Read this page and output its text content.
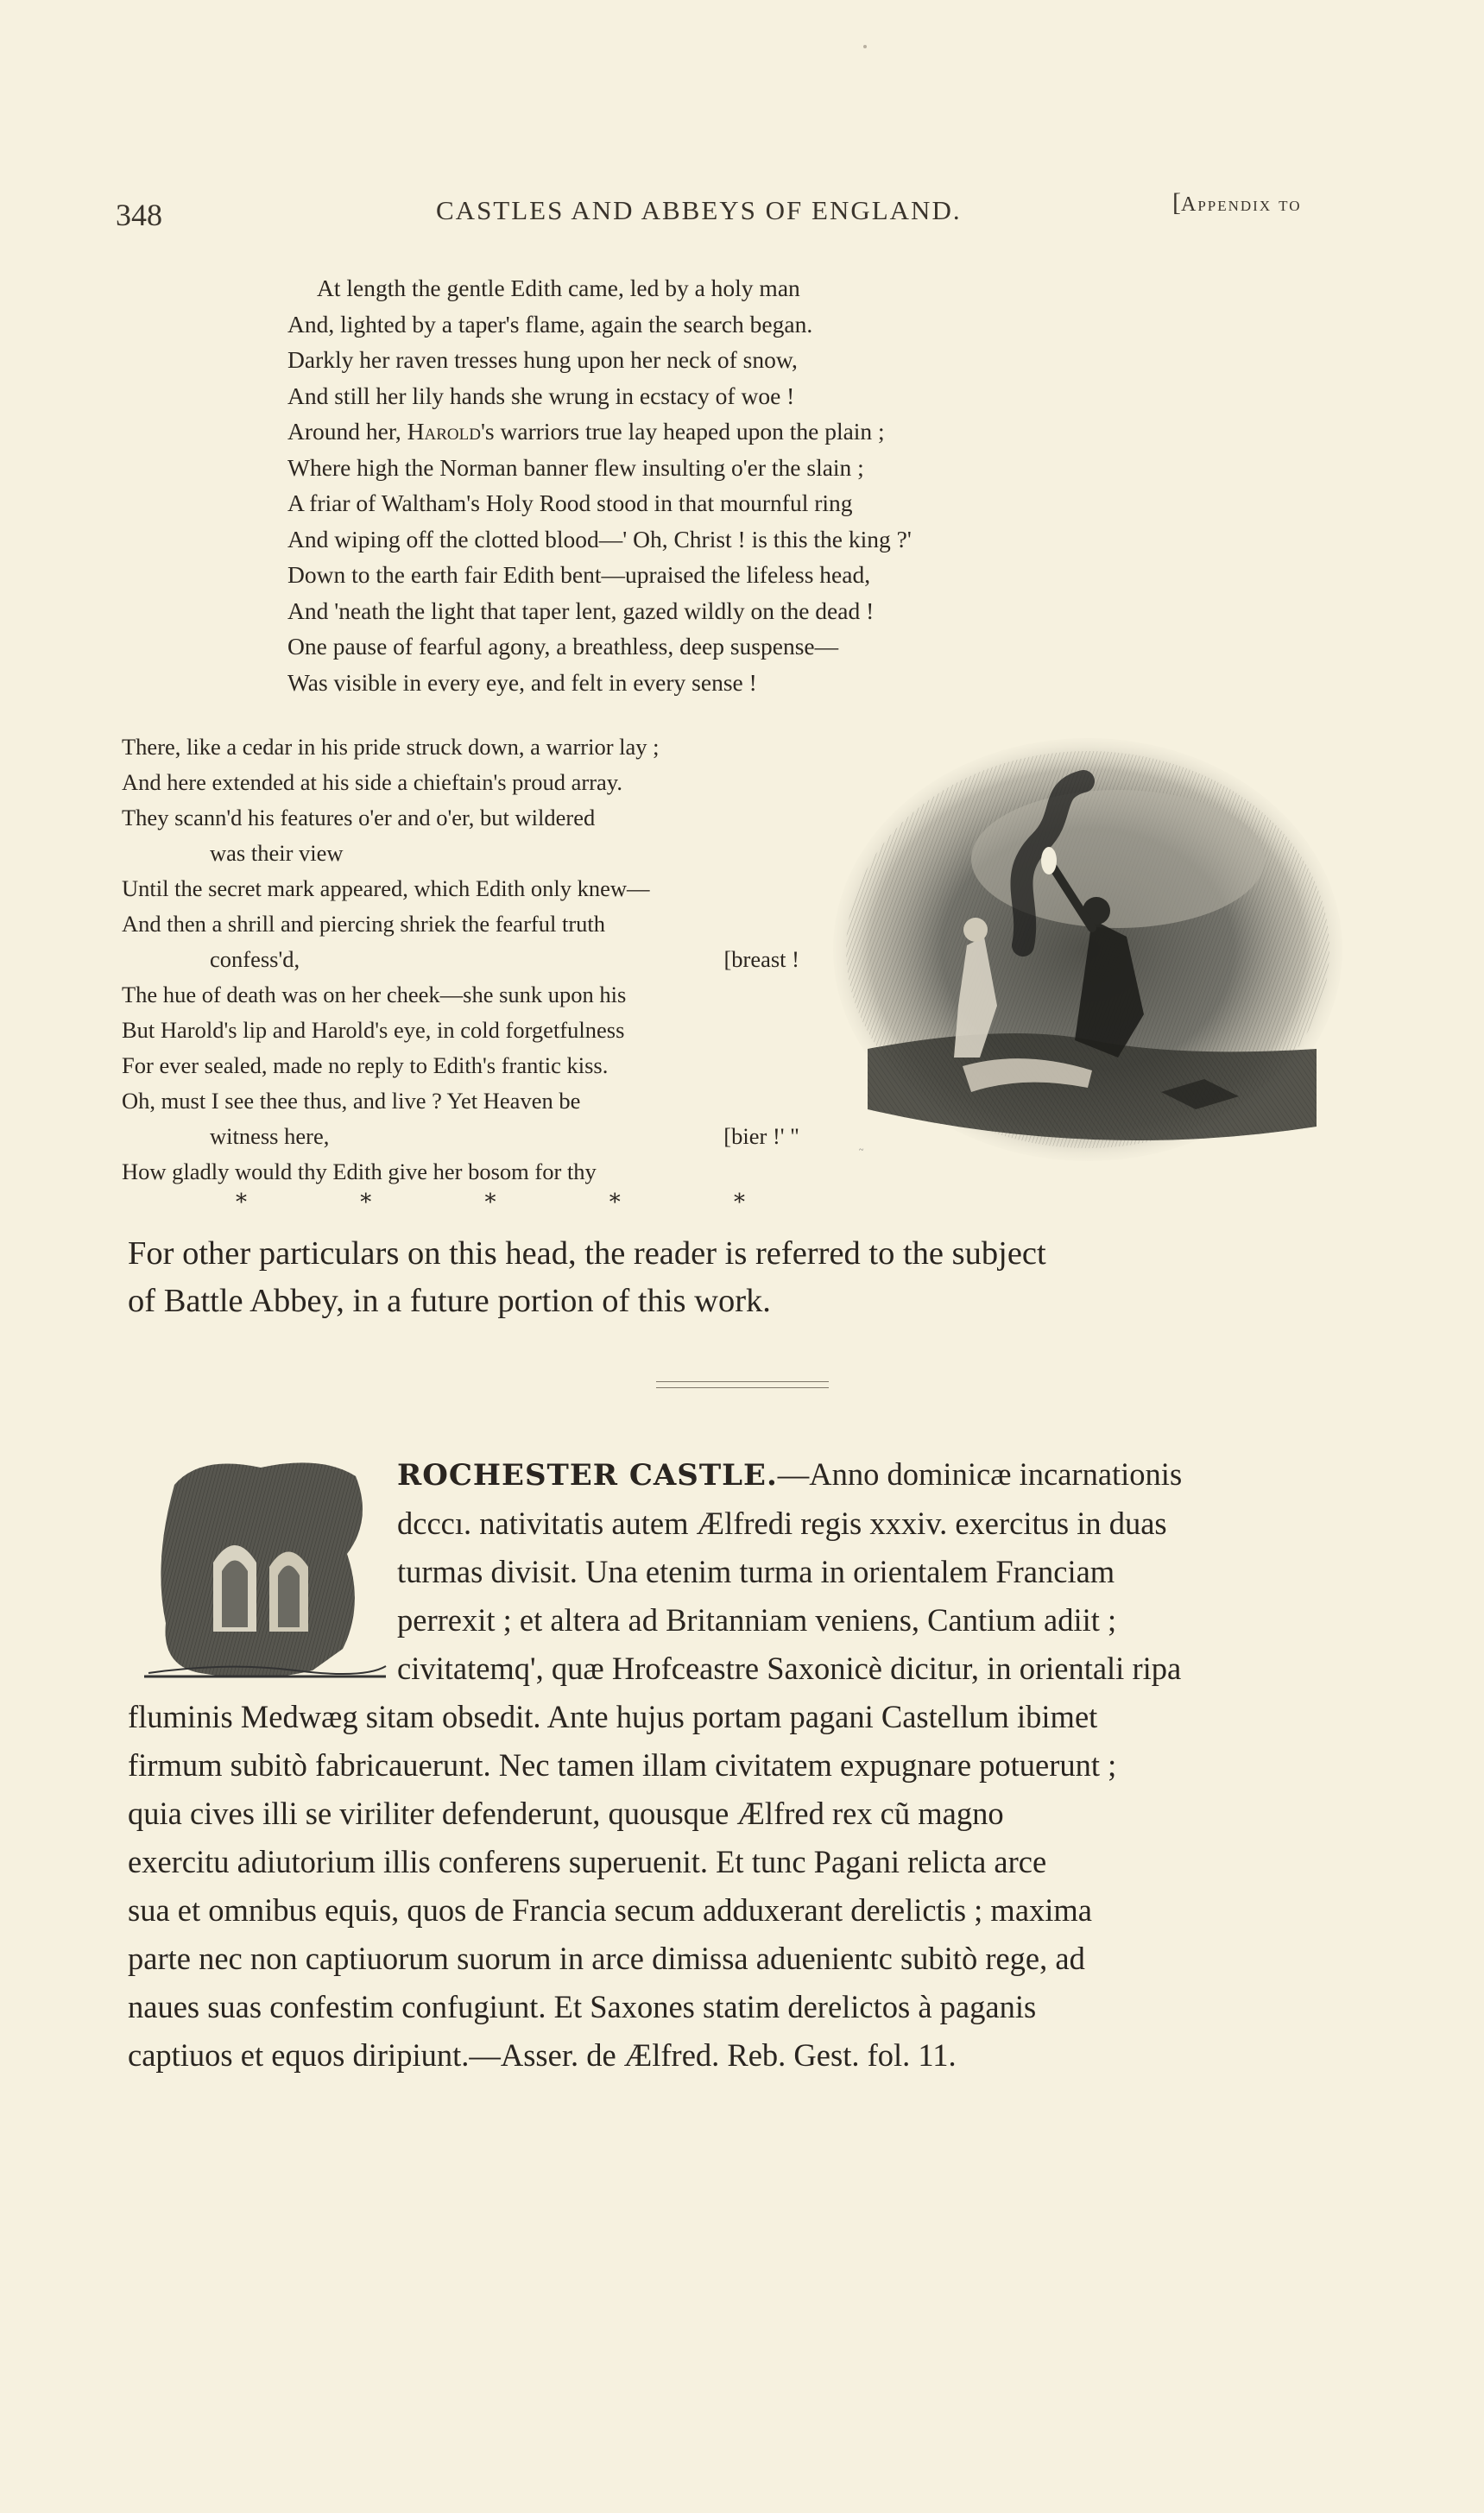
348	CASTLES AND ABBEYS OF ENGLAND.	[Appendix to
At length the gentle Edith came, led by a holy man
And, lighted by a taper's flame, again the search began.
Darkly her raven tresses hung upon her neck of snow,
And still her lily hands she wrung in ecstacy of woe !
Around her, Harold's warriors true lay heaped upon the plain ;
Where high the Norman banner flew insulting o'er the slain ;
A friar of Waltham's Holy Rood stood in that mournful ring
And wiping off the clotted blood—' Oh, Christ ! is this the king ?'
Down to the earth fair Edith bent—upraised the lifeless head,
And 'neath the light that taper lent, gazed wildly on the dead !
One pause of fearful agony, a breathless, deep suspense—
Was visible in every eye, and felt in every sense !
There, like a cedar in his pride struck down, a warrior lay ;
And here extended at his side a chieftain's proud array.
They scann'd his features o'er and o'er, but wildered
was their view
Until the secret mark appeared, which Edith only knew—
And then a shrill and piercing shriek the fearful truth
confess'd,	[breast !
The hue of death was on her cheek—she sunk upon his
But Harold's lip and Harold's eye, in cold forgetfulness
For ever sealed, made no reply to Edith's frantic kiss.
Oh, must I see thee thus, and live ? Yet Heaven be
witness here,	[bier !' "
How gladly would thy Edith give her bosom for thy
*	*	*	*	*
~
For other particulars on this head, the reader is referred to the subject
of Battle Abbey, in a future portion of this work.
ROCHESTER CASTLE.—Anno dominicæ incarnationis
dcccı. nativitatis autem Ælfredi regis xxxiv. exercitus in duas
turmas divisit. Una etenim turma in orientalem Franciam
perrexit ; et altera ad Britanniam veniens, Cantium adiit ;
civitatemq', quæ Hrofceastre Saxonicè dicitur, in orientali ripa
fluminis Medwæg sitam obsedit. Ante hujus portam pagani Castellum ibimet
firmum subitò fabricauerunt. Nec tamen illam civitatem expugnare potuerunt ;
quia cives illi se viriliter defenderunt, quousque Ælfred rex cũ magno
exercitu adiutorium illis conferens superuenit. Et tunc Pagani relicta arce
sua et omnibus equis, quos de Francia secum adduxerant derelictis ; maxima
parte nec non captiuorum suorum in arce dimissa aduenientc subitò rege, ad
naues suas confestim confugiunt. Et Saxones statim derelictos à paganis
captiuos et equos diripiunt.—Asser. de Ælfred. Reb. Gest. fol. 11.
